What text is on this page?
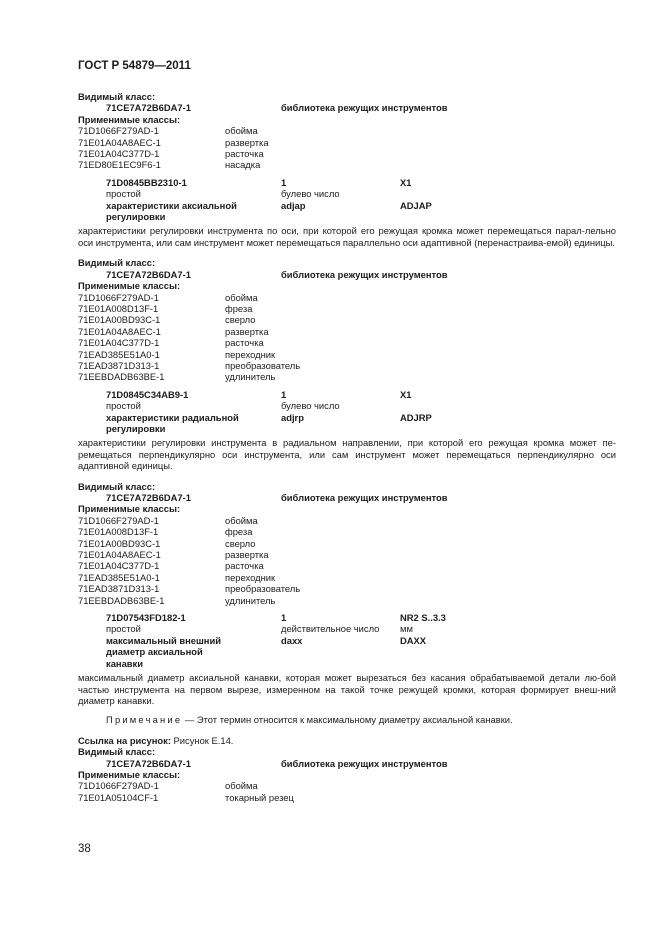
ГОСТ Р 54879—2011
Видимый класс:
71CE7A72B6DA7-1	библиотека режущих инструментов
Применимые классы:
71D1066F279AD-1	обойма
71E01A04A8AEC-1	развертка
71E01A04C377D-1	расточка
71ED80E1EC9F6-1	насадка
71D0845BB2310-1	1	X1
простой	булево число
характеристики аксиальной	adjap	ADJAP
регулировки
характеристики регулировки инструмента по оси, при которой его режущая кромка может перемещаться парал-лельно оси инструмента, или сам инструмент может перемещаться параллельно оси адаптивной (перенастраива-емой) единицы.
Видимый класс:
71CE7A72B6DA7-1	библиотека режущих инструментов
Применимые классы:
71D1066F279AD-1	обойма
71E01A008D13F-1	фреза
71E01A00BD93C-1	сверло
71E01A04A8AEC-1	развертка
71E01A04C377D-1	расточка
71EAD385E51A0-1	переходник
71EAD3871D313-1	преобразователь
71EEBDADB63BE-1	удлинитель
71D0845C34AB9-1	1	X1
простой	булево число
характеристики радиальной	adjrp	ADJRP
регулировки
характеристики регулировки инструмента в радиальном направлении, при которой его режущая кромка может пе-ремещаться перпендикулярно оси инструмента, или сам инструмент может перемещаться перпендикулярно оси адаптивной единицы.
Видимый класс:
71CE7A72B6DA7-1	библиотека режущих инструментов
Применимые классы:
71D1066F279AD-1	обойма
71E01A008D13F-1	фреза
71E01A00BD93C-1	сверло
71E01A04A8AEC-1	развертка
71E01A04C377D-1	расточка
71EAD385E51A0-1	переходник
71EAD3871D313-1	преобразователь
71EEBDADB63BE-1	удлинитель
71D07543FD182-1	1	NR2 S..3.3
простой	действительное число	мм
максимальный внешний	daxx	DAXX
диаметр аксиальной
канавки
максимальный диаметр аксиальной канавки, которая может вырезаться без касания обрабатываемой детали лю-бой частью инструмента на первом вырезе, измеренном на такой точке режущей кромки, которая формирует внеш-ний диаметр канавки.
Примечание — Этот термин относится к максимальному диаметру аксиальной канавки.
Ссылка на рисунок: Рисунок Е.14.
Видимый класс:
71CE7A72B6DA7-1	библиотека режущих инструментов
Применимые классы:
71D1066F279AD-1	обойма
71E01A05104CF-1	токарный резец
38
